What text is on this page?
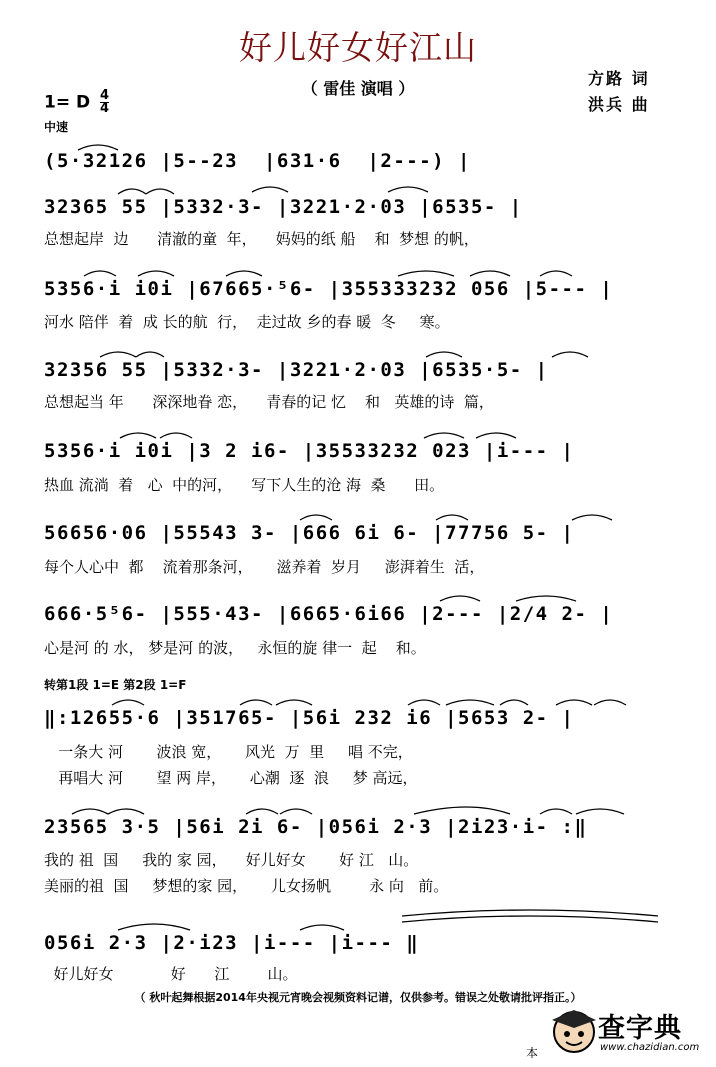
好儿好女好江山
（ 雷佳 演唱 ）
方路 词
洪兵 曲
1= D $\frac{4}{4}$
中速
(5·32126 |5--23  |631·6  |2---) |
32365 55 |5332·3- |3221·2·03 |6535- |
总想起岸  边      清澈的童  年，    妈妈的纸 船    和  梦想 的帆，
5356·i i0i |67665·⁵6- |355333232 056 |5--- |
河水 陪伴  着  成 长的航  行，  走过故 乡的春 暖  冬     寒。
32356 55 |5332·3- |3221·2·03 |6535·5- |
总想起当 年      深深地眷 恋，    青春的记 忆    和   英雄的诗  篇，
5356·i i0i |3 2 i6- |35533232 023 |i--- |
热血 流淌  着   心  中的河，    写下人生的沧 海  桑      田。
56656·06 |55543 3- |666 6i 6- |77756 5- |
每个人心中  都    流着那条河，     滋养着  岁月     澎湃着生  活，
666·5⁵6- |555·43- |6665·6i66 |2--- |2/4 2- |
心是河 的 水， 梦是河 的波，   永恒的旋 律一  起    和。
转第1段 1=E 第2段 1=F
‖:12655·6 |351765- |56i 232 i6 |5653 2- |
一条大 河       波浪 宽，     风光  万  里     唱 不完，
再唱大 河       望 两 岸，     心潮  逐  浪     梦 高远，
23565 3·5 |56i 2i 6- |056i 2·3 |2i23·i- :‖
我的 祖  国     我的 家 园，    好儿好女       好 江   山。
美丽的祖  国     梦想的家 园，     儿女扬帆        永 向   前。
056i 2·3 |2·i23 |i--- |i--- ‖
好儿好女            好      江        山。
（ 秋叶起舞根据2014年央视元宵晚会视频资料记谱，仅供参考。错误之处敬请批评指正。）
本
查字典
www.chazidian.com
